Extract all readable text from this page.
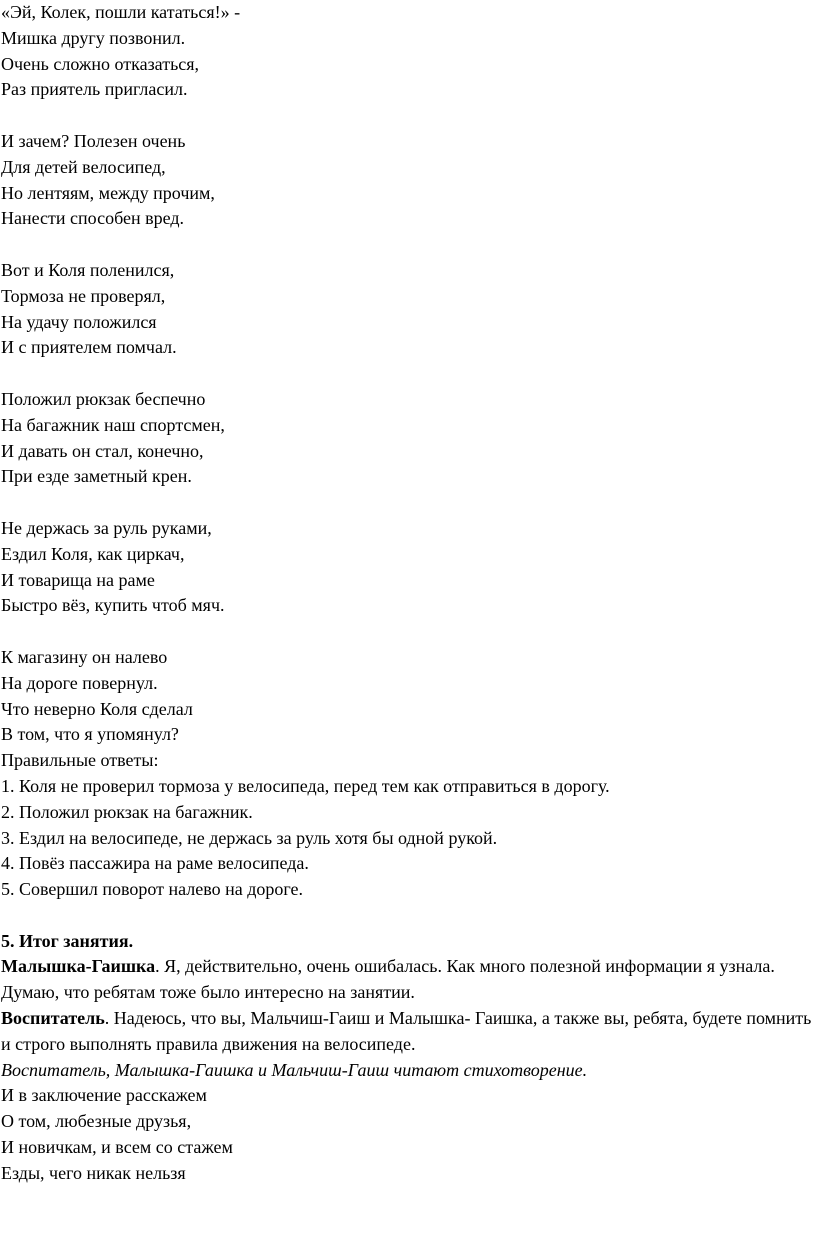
«Эй, Колек, пошли кататься!» -
Мишка другу позвонил.
Очень сложно отказаться,
Раз приятель пригласил.
И зачем? Полезен очень
Для детей велосипед,
Но лентяям, между прочим,
Нанести способен вред.
Вот и Коля поленился,
Тормоза не проверял,
На удачу положился
И с приятелем помчал.
Положил рюкзак беспечно
На багажник наш спортсмен,
И давать он стал, конечно,
При езде заметный крен.
Не держась за руль руками,
Ездил Коля, как циркач,
И товарища на раме
Быстро вёз, купить чтоб мяч.
К магазину он налево
На дороге повернул.
Что неверно Коля сделал
В том, что я упомянул?
Правильные ответы:
1. Коля не проверил тормоза у велосипеда, перед тем как отправиться в дорогу.
2. Положил рюкзак на багажник.
3. Ездил на велосипеде, не держась за руль хотя бы одной рукой.
4. Повёз пассажира на раме велосипеда.
5. Совершил поворот налево на дороге.
5. Итог занятия.
Малышка-Гаишка. Я, действительно, очень ошибалась. Как много полезной информации я узнала. Думаю, что ребятам тоже было интересно на занятии.
Воспитатель. Надеюсь, что вы, Мальчиш-Гаиш и Малышка- Гаишка, а также вы, ребята, будете помнить и строго выполнять правила движения на велосипеде.
Воспитатель, Малышка-Гаишка и Мальчиш-Гаиш читают стихотворение.
И в заключение расскажем
О том, любезные друзья,
И новичкам, и всем со стажем
Езды, чего никак нельзя
